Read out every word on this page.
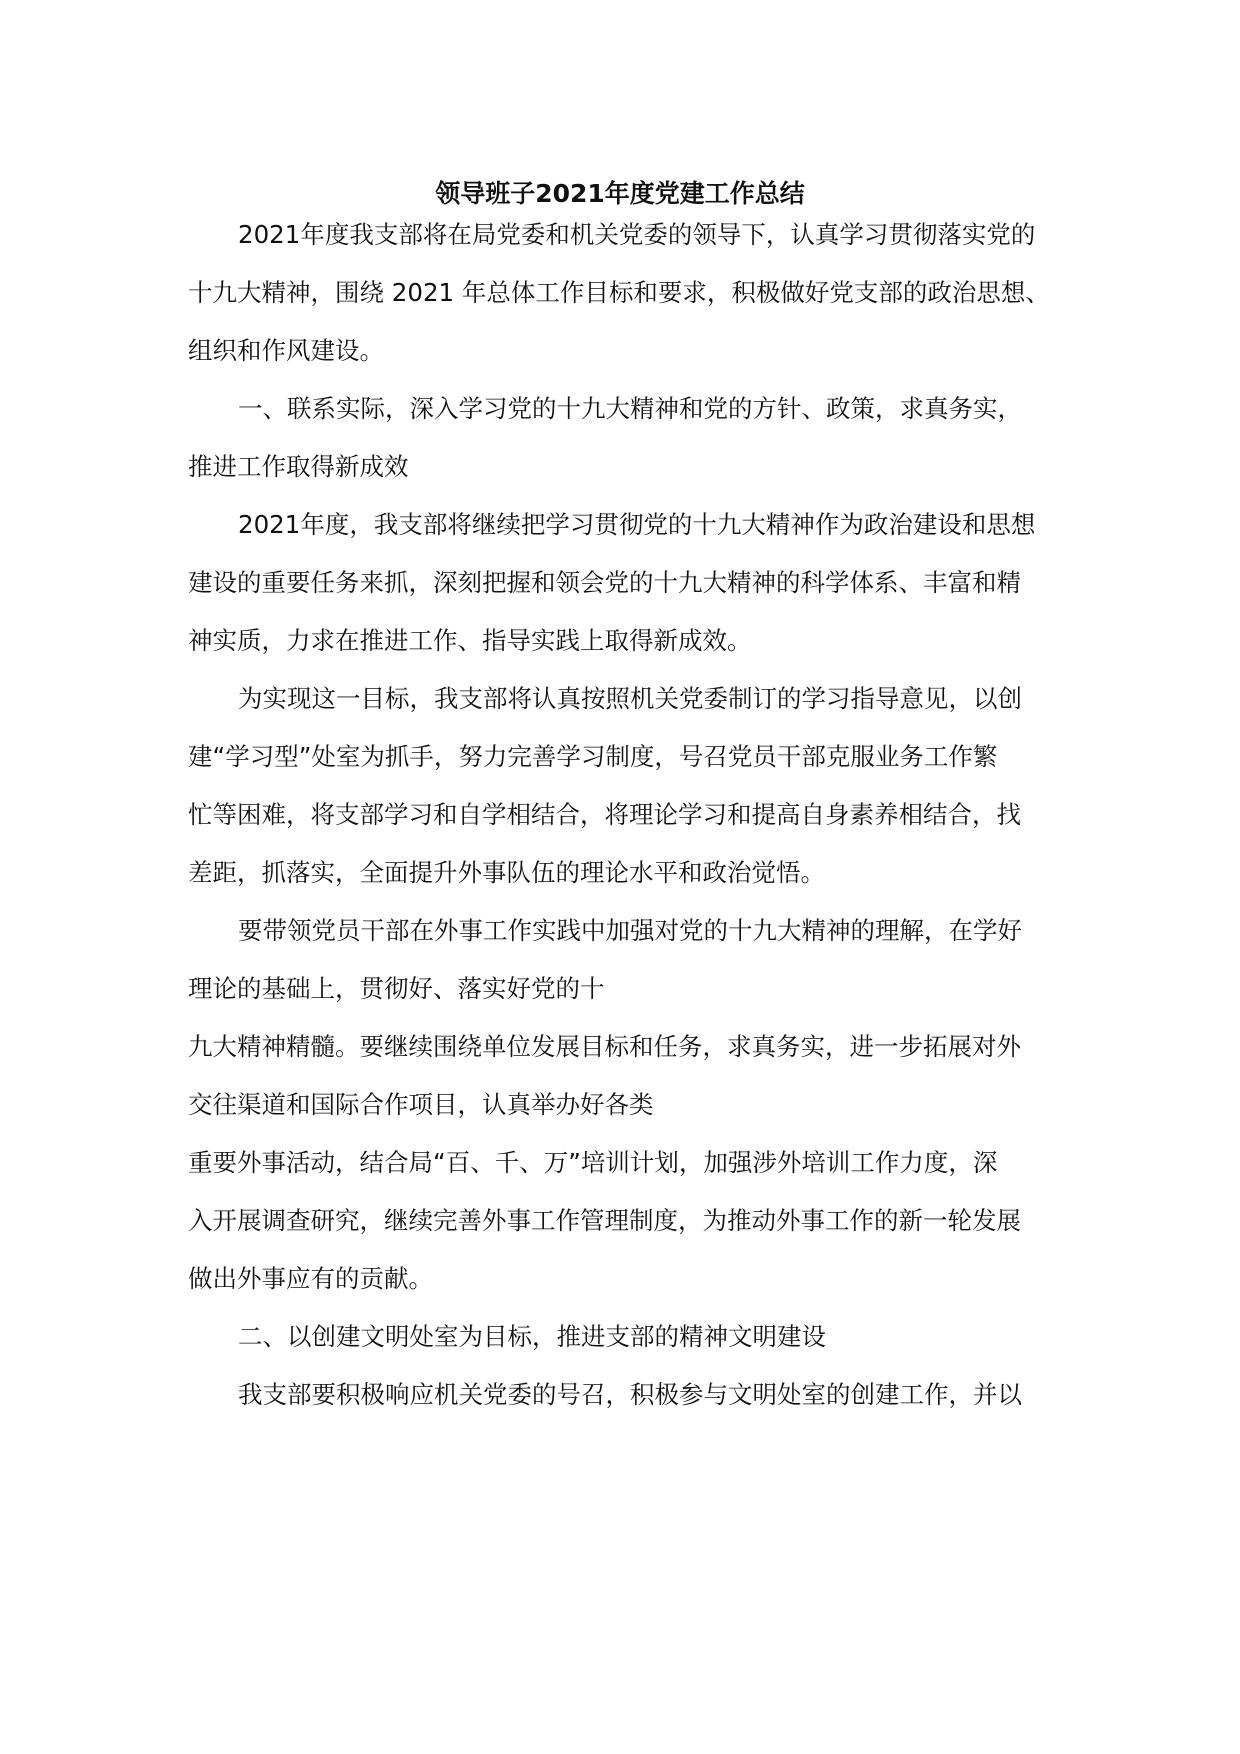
领导班子2021年度党建工作总结
2021年度我支部将在局党委和机关党委的领导下，认真学习贯彻落实党的
十九大精神，围绕 2021 年总体工作目标和要求，积极做好党支部的政治思想、
组织和作风建设。
一、联系实际，深入学习党的十九大精神和党的方针、政策，求真务实，
推进工作取得新成效
2021年度，我支部将继续把学习贯彻党的十九大精神作为政治建设和思想
建设的重要任务来抓，深刻把握和领会党的十九大精神的科学体系、丰富和精
神实质，力求在推进工作、指导实践上取得新成效。
为实现这一目标，我支部将认真按照机关党委制订的学习指导意见，以创
建“学习型”处室为抓手，努力完善学习制度，号召党员干部克服业务工作繁
忙等困难，将支部学习和自学相结合，将理论学习和提高自身素养相结合，找
差距，抓落实，全面提升外事队伍的理论水平和政治觉悟。
要带领党员干部在外事工作实践中加强对党的十九大精神的理解，在学好
理论的基础上，贯彻好、落实好党的十
九大精神精髓。要继续围绕单位发展目标和任务，求真务实，进一步拓展对外
交往渠道和国际合作项目，认真举办好各类
重要外事活动，结合局“百、千、万”培训计划，加强涉外培训工作力度，深
入开展调查研究，继续完善外事工作管理制度，为推动外事工作的新一轮发展
做出外事应有的贡献。
二、以创建文明处室为目标，推进支部的精神文明建设
我支部要积极响应机关党委的号召，积极参与文明处室的创建工作，并以
